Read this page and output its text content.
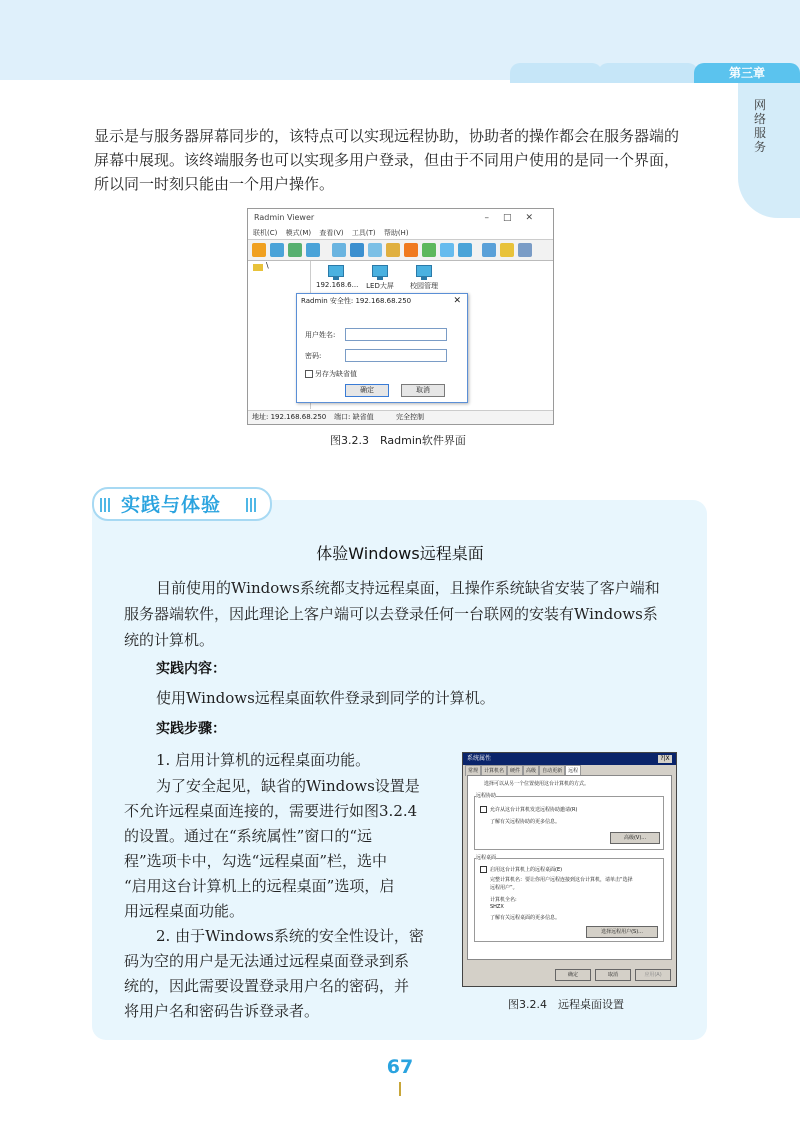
第三章
网络服务
显示是与服务器屏幕同步的，该特点可以实现远程协助，协助者的操作都会在服务器端的
屏幕中展现。该终端服务也可以实现多用户登录，但由于不同用户使用的是同一个界面，
所以同一时刻只能由一个用户操作。
Radmin Viewer	–□✕
联机(C) 模式(M) 查看(V) 工具(T) 帮助(H)
\
192.168.6...	LED大屏	校园管理
Radmin 安全性: 192.168.68.250	✕
用户姓名:
密码:
另存为缺省值
确定	取消
地址: 192.168.68.250 端口: 缺省值	完全控制
图3.2.3　Radmin软件界面
实践与体验
体验Windows远程桌面
目前使用的Windows系统都支持远程桌面，且操作系统缺省安装了客户端和
服务器端软件，因此理论上客户端可以去登录任何一台联网的安装有Windows系
统的计算机。
实践内容：
使用Windows远程桌面软件登录到同学的计算机。
实践步骤：
1. 启用计算机的远程桌面功能。
为了安全起见，缺省的Windows设置是
不允许远程桌面连接的，需要进行如图3.2.4
的设置。通过在“系统属性”窗口的“远
程”选项卡中，勾选“远程桌面”栏，选中
“启用这台计算机上的远程桌面”选项，启
用远程桌面功能。
2. 由于Windows系统的安全性设计，密
码为空的用户是无法通过远程桌面登录到系
统的，因此需要设置登录用户名的密码，并
将用户名和密码告诉登录者。
系统属性	?|X
常规 计算机名 硬件 高级 自动更新 远程
选择可以从另一个位置使用这台计算机的方式。
远程协助
允许从这台计算机发送远程协助邀请(R)
了解有关远程协助的更多信息。
高级(V)...
远程桌面
启用这台计算机上的远程桌面(E)
完整计算机名：要让你用户远程连接到这台计算机，请单击“选择
远程用户”。
计算机全名:
SHZX
了解有关远程桌面的更多信息。
选择远程用户(S)...
确定	取消	应用(A)
图3.2.4　远程桌面设置
67
